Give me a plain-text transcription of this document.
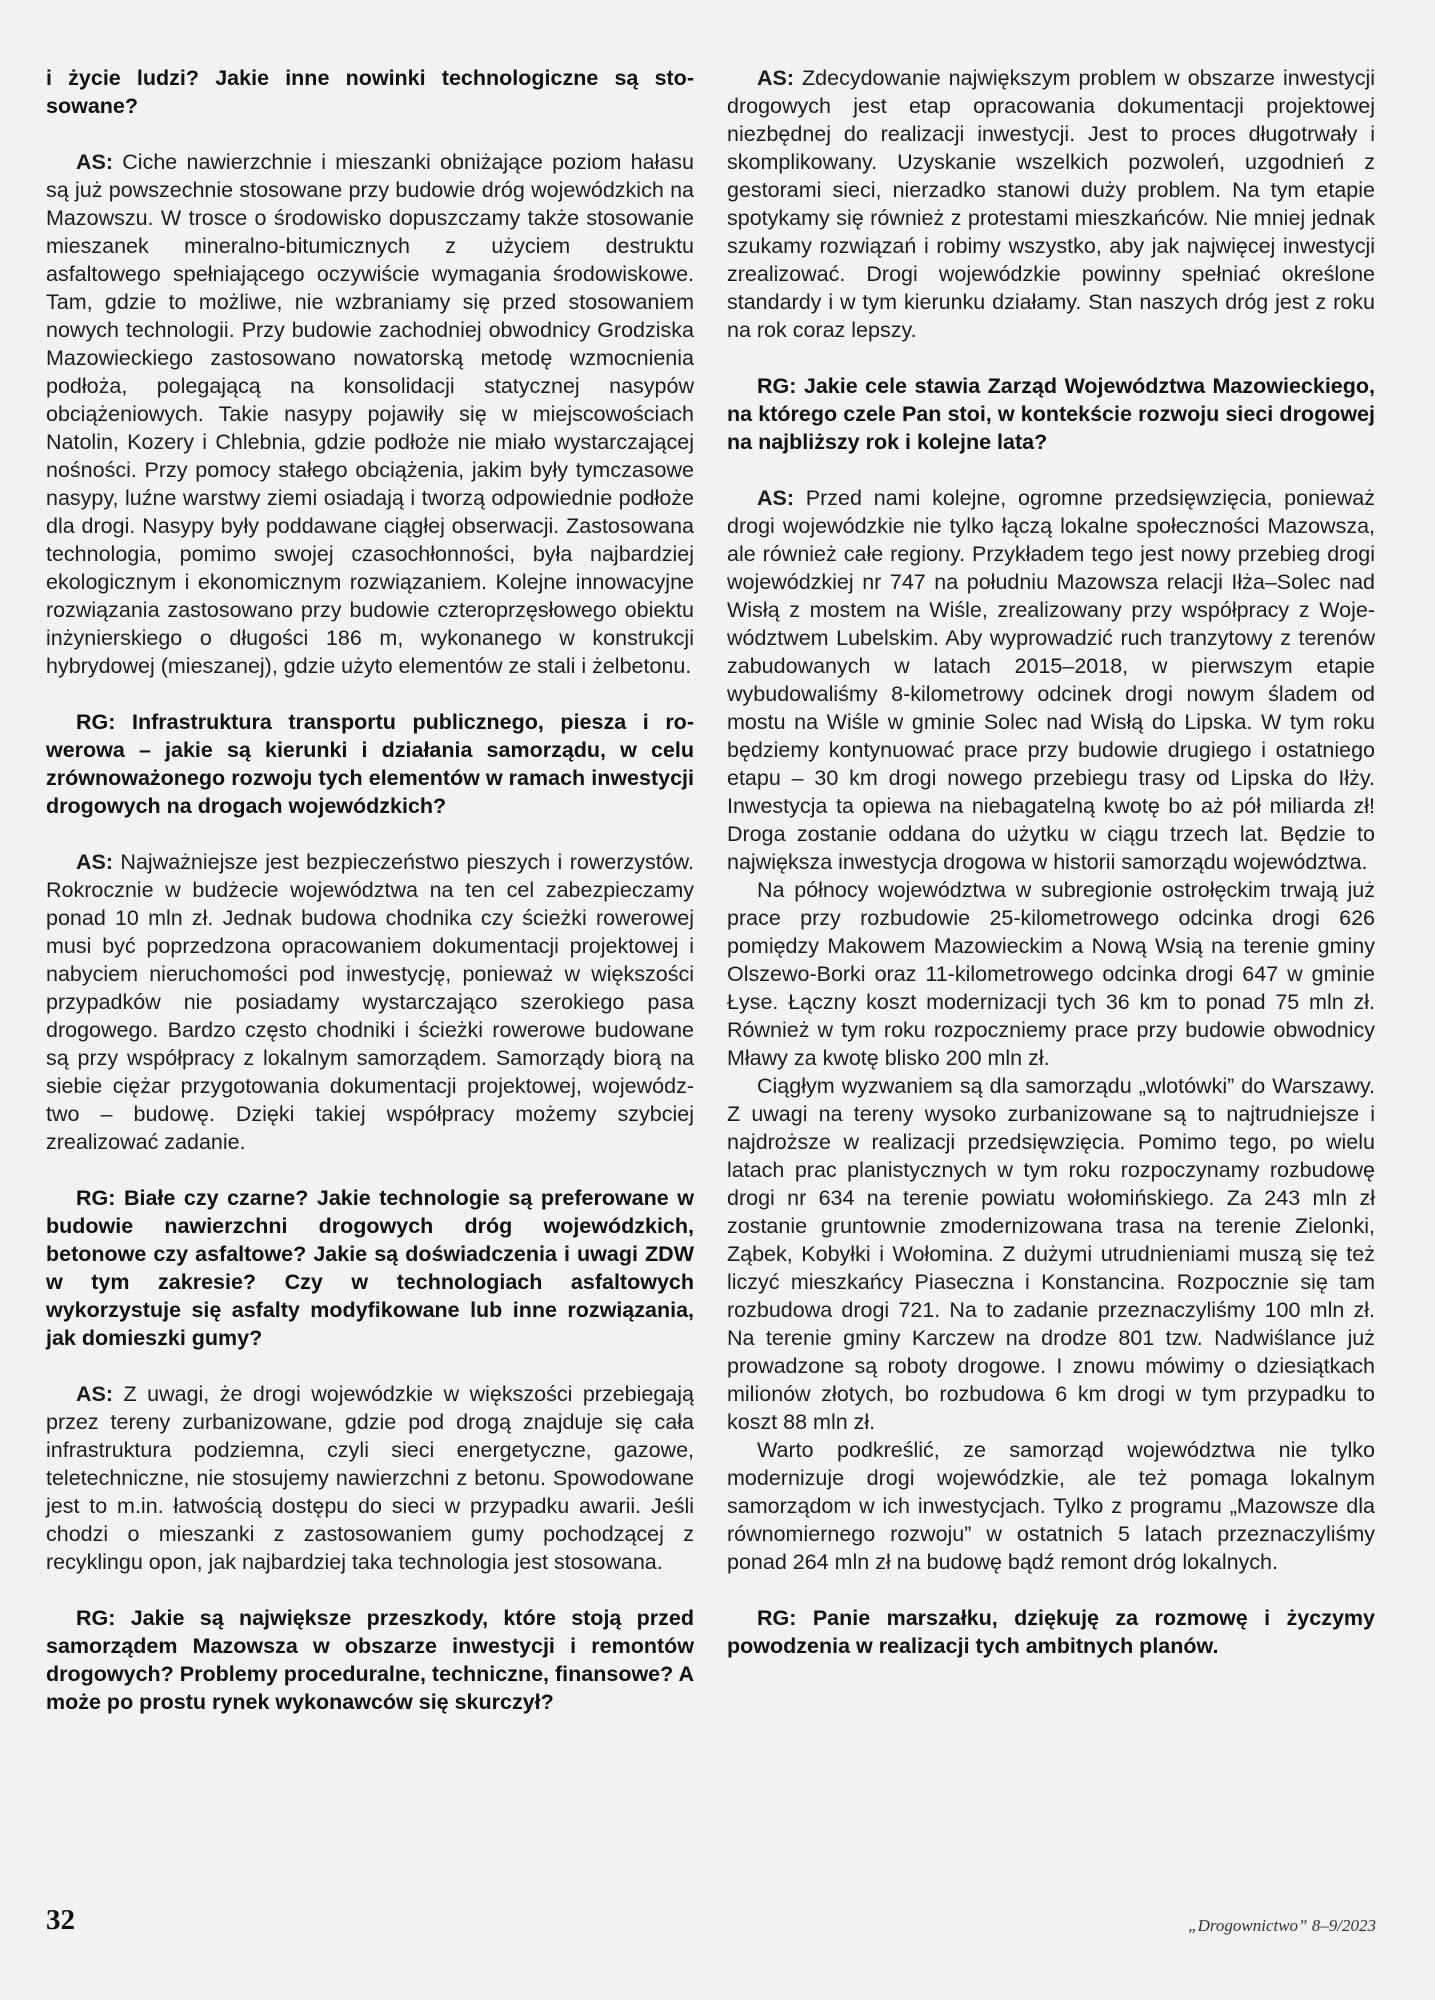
i życie ludzi? Jakie inne nowinki technologiczne są stosowane?

AS: Ciche nawierzchnie i mieszanki obniżające poziom hałasu są już powszechnie stosowane przy budowie dróg wojewódzkich na Mazowszu. W trosce o środowisko dopuszczamy także stosowanie mieszanek mineralno-bitumicznych z użyciem destruktu asfaltowego spełniającego oczywiście wymagania środowiskowe. Tam, gdzie to możliwe, nie wzbraniamy się przed stosowaniem nowych technologii. Przy budowie zachodniej obwodnicy Grodziska Mazowieckiego zastosowano nowatorską metodę wzmocnienia podłoża, polegającą na konsolidacji statycznej nasypów obciążeniowych. Takie nasypy pojawiły się w miejscowościach Natolin, Kozery i Chlebnia, gdzie podłoże nie miało wystarczającej nośności. Przy pomocy stałego obciążenia, jakim były tymczasowe nasypy, luźne warstwy ziemi osiadają i tworzą odpowiednie podłoże dla drogi. Nasypy były poddawane ciągłej obserwacji. Zastosowana technologia, pomimo swojej czasochłonności, była najbardziej ekologicznym i ekonomicznym rozwiązaniem. Kolejne innowacyjne rozwiązania zastosowano przy budowie czteroprzęsłowego obiektu inżynierskiego o długości 186 m, wykonanego w konstrukcji hybrydowej (mieszanej), gdzie użyto elementów ze stali i żelbetonu.

RG: Infrastruktura transportu publicznego, piesza i rowerowa – jakie są kierunki i działania samorządu, w celu zrównoważonego rozwoju tych elementów w ramach inwestycji drogowych na drogach wojewódzkich?

AS: Najważniejsze jest bezpieczeństwo pieszych i rowerzystów. Rokrocznie w budżecie województwa na ten cel zabezpieczamy ponad 10 mln zł. Jednak budowa chodnika czy ścieżki rowerowej musi być poprzedzona opracowaniem dokumentacji projektowej i nabyciem nieruchomości pod inwestycję, ponieważ w większości przypadków nie posiadamy wystarczająco szerokiego pasa drogowego. Bardzo często chodniki i ścieżki rowerowe budowane są przy współpracy z lokalnym samorządem. Samorządy biorą na siebie ciężar przygotowania dokumentacji projektowej, województwo – budowę. Dzięki takiej współpracy możemy szybciej zrealizować zadanie.

RG: Białe czy czarne? Jakie technologie są preferowane w budowie nawierzchni drogowych dróg wojewódzkich, betonowe czy asfaltowe? Jakie są doświadczenia i uwagi ZDW w tym zakresie? Czy w technologiach asfaltowych wykorzystuje się asfalty modyfikowane lub inne rozwiązania, jak domieszki gumy?

AS: Z uwagi, że drogi wojewódzkie w większości przebiegają przez tereny zurbanizowane, gdzie pod drogą znajduje się cała infrastruktura podziemna, czyli sieci energetyczne, gazowe, teletechniczne, nie stosujemy nawierzchni z betonu. Spowodowane jest to m.in. łatwością dostępu do sieci w przypadku awarii. Jeśli chodzi o mieszanki z zastosowaniem gumy pochodzącej z recyklingu opon, jak najbardziej taka technologia jest stosowana.

RG: Jakie są największe przeszkody, które stoją przed samorządem Mazowsza w obszarze inwestycji i remontów drogowych? Problemy proceduralne, techniczne, finansowe? A może po prostu rynek wykonawców się skurczył?

AS: Zdecydowanie największym problem w obszarze inwestycji drogowych jest etap opracowania dokumentacji projektowej niezbędnej do realizacji inwestycji. Jest to proces długotrwały i skomplikowany. Uzyskanie wszelkich pozwoleń, uzgodnień z gestorami sieci, nierzadko stanowi duży problem. Na tym etapie spotykamy się również z protestami mieszkańców. Nie mniej jednak szukamy rozwiązań i robimy wszystko, aby jak najwięcej inwestycji zrealizować. Drogi wojewódzkie powinny spełniać określone standardy i w tym kierunku działamy. Stan naszych dróg jest z roku na rok coraz lepszy.

RG: Jakie cele stawia Zarząd Województwa Mazowieckiego, na którego czele Pan stoi, w kontekście rozwoju sieci drogowej na najbliższy rok i kolejne lata?

AS: Przed nami kolejne, ogromne przedsięwzięcia, ponieważ drogi wojewódzkie nie tylko łączą lokalne społeczności Mazowsza, ale również całe regiony. Przykładem tego jest nowy przebieg drogi wojewódzkiej nr 747 na południu Mazowsza relacji Iłża–Solec nad Wisłą z mostem na Wiśle, zrealizowany przy współpracy z Województwem Lubelskim. Aby wyprowadzić ruch tranzytowy z terenów zabudowanych w latach 2015–2018, w pierwszym etapie wybudowaliśmy 8-kilometrowy odcinek drogi nowym śladem od mostu na Wiśle w gminie Solec nad Wisłą do Lipska. W tym roku będziemy kontynuować prace przy budowie drugiego i ostatniego etapu – 30 km drogi nowego przebiegu trasy od Lipska do Iłży. Inwestycja ta opiewa na niebagatelną kwotę bo aż pół miliarda zł! Droga zostanie oddana do użytku w ciągu trzech lat. Będzie to największa inwestycja drogowa w historii samorządu województwa.

Na północy województwa w subregionie ostrołęckim trwają już prace przy rozbudowie 25-kilometrowego odcinka drogi 626 pomiędzy Makowem Mazowieckim a Nową Wsią na terenie gminy Olszewo-Borki oraz 11-kilometrowego odcinka drogi 647 w gminie Łyse. Łączny koszt modernizacji tych 36 km to ponad 75 mln zł. Również w tym roku rozpoczniemy prace przy budowie obwodnicy Mławy za kwotę blisko 200 mln zł.

Ciągłym wyzwaniem są dla samorządu „wlotówki” do Warszawy. Z uwagi na tereny wysoko zurbanizowane są to najtrudniejsze i najdroższe w realizacji przedsięwzięcia. Pomimo tego, po wielu latach prac planistycznych w tym roku rozpoczynamy rozbudowę drogi nr 634 na terenie powiatu wołomińskiego. Za 243 mln zł zostanie gruntownie zmodernizowana trasa na terenie Zielonki, Ząbek, Kobyłki i Wołomina. Z dużymi utrudnieniami muszą się też liczyć mieszkańcy Piaseczna i Konstancina. Rozpocznie się tam rozbudowa drogi 721. Na to zadanie przeznaczyliśmy 100 mln zł. Na terenie gminy Karczew na drodze 801 tzw. Nadwiślance już prowadzone są roboty drogowe. I znowu mówimy o dziesiątkach milionów złotych, bo rozbudowa 6 km drogi w tym przypadku to koszt 88 mln zł.

Warto podkreślić, ze samorząd województwa nie tylko modernizuje drogi wojewódzkie, ale też pomaga lokalnym samorządom w ich inwestycjach. Tylko z programu „Mazowsze dla równomiernego rozwoju” w ostatnich 5 latach przeznaczyliśmy ponad 264 mln zł na budowę bądź remont dróg lokalnych.

RG: Panie marszałku, dziękuję za rozmowę i życzymy powodzenia w realizacji tych ambitnych planów.

32	„Drogownictwo” 8–9/2023
